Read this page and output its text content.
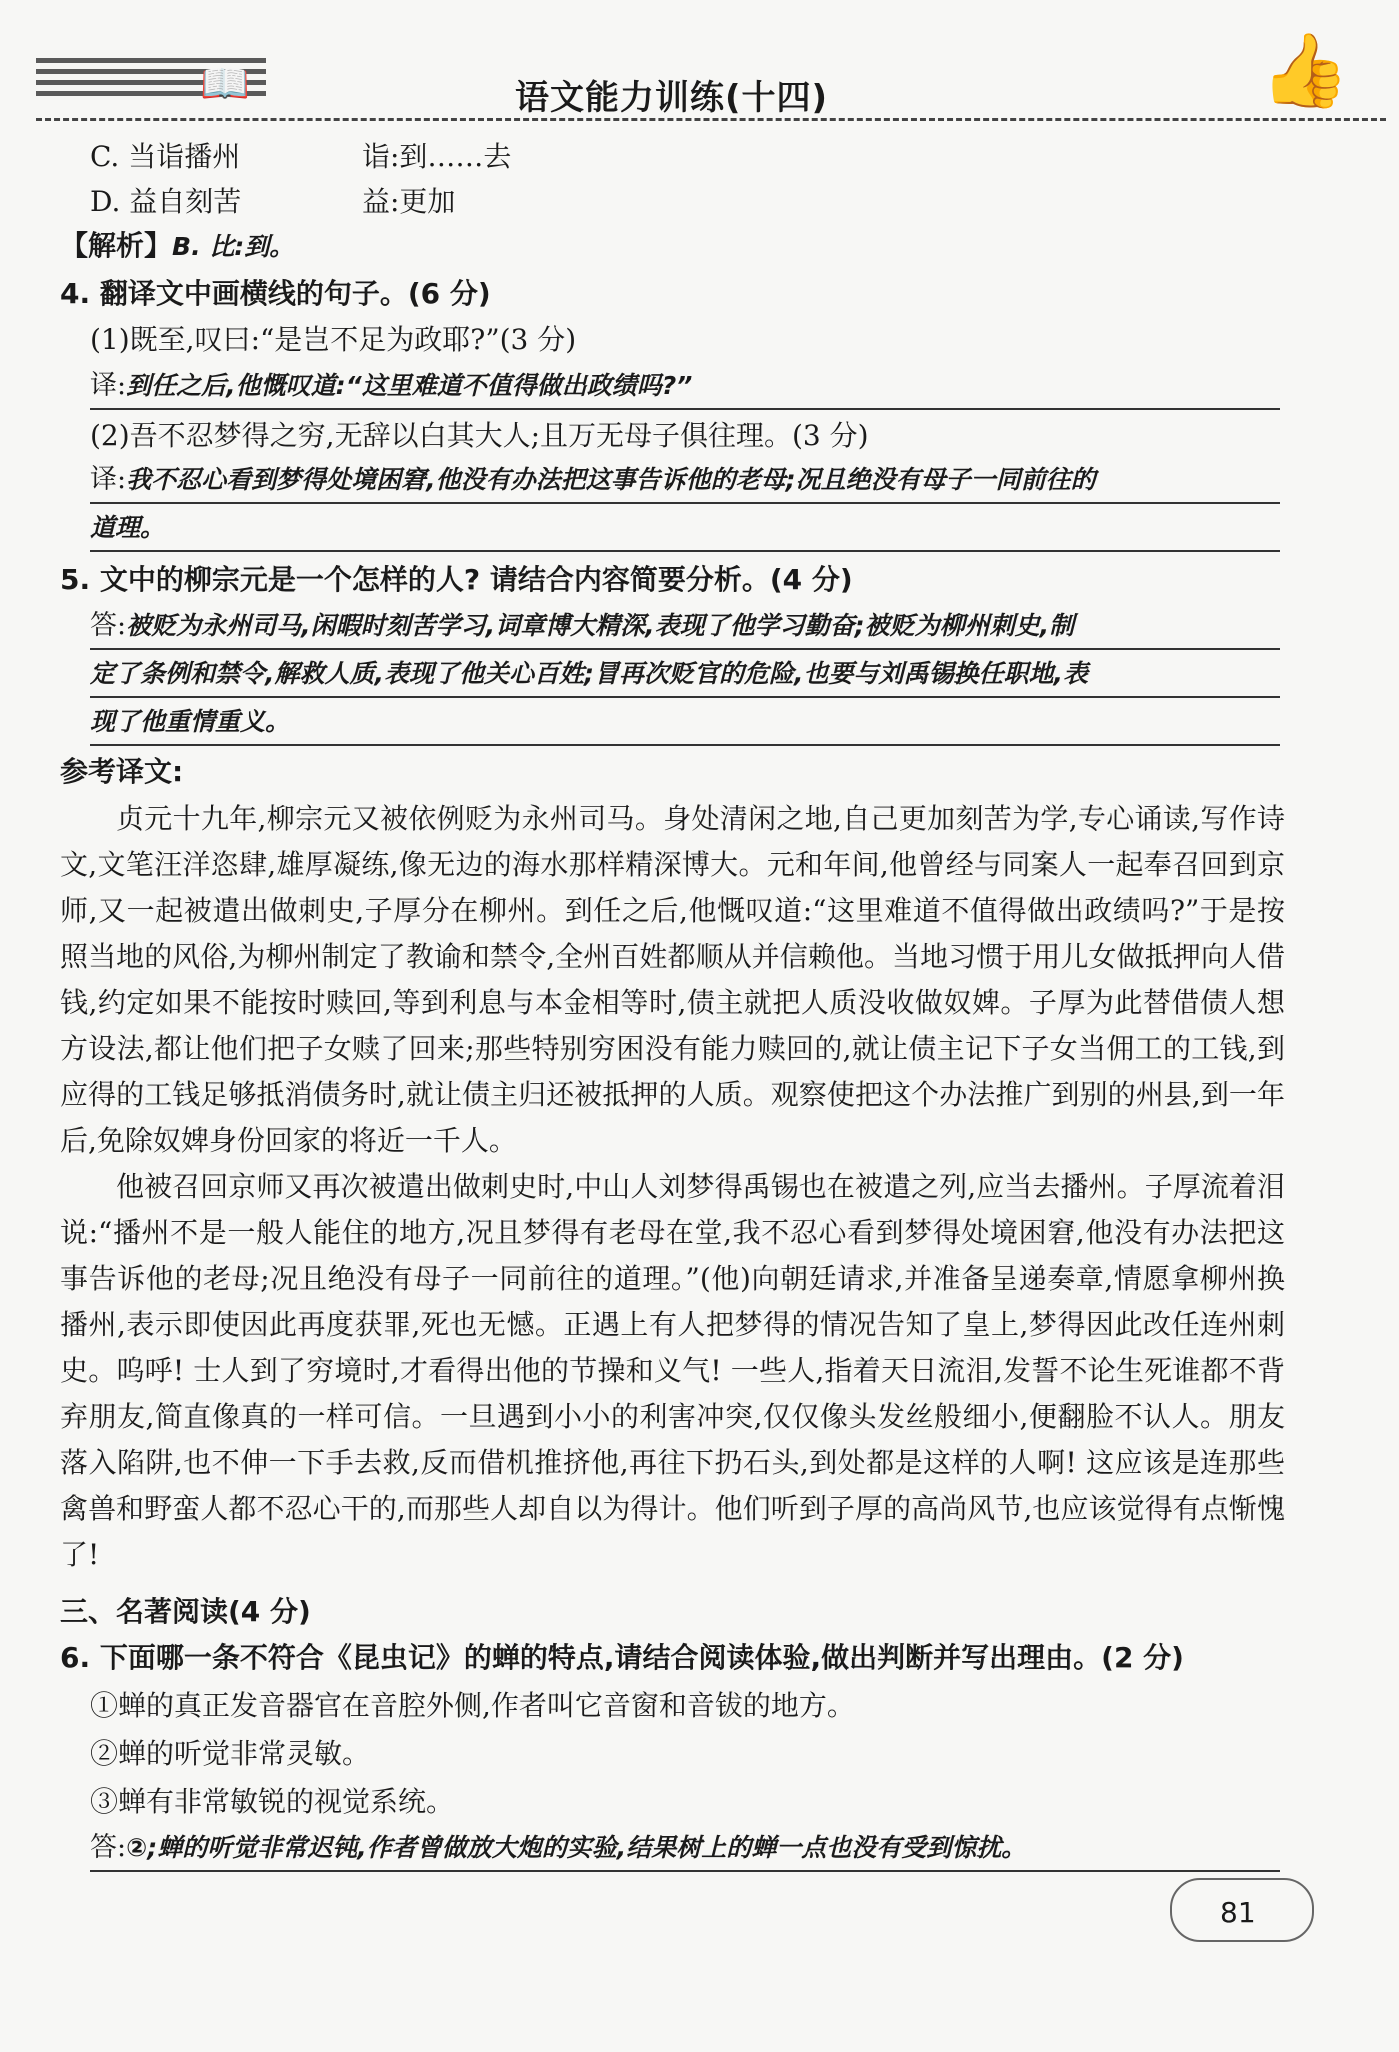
📖	语文能力训练(十四)	👍
C. 当诣播州	诣:到……去
D. 益自刻苦	益:更加
【解析】B. 比:到。
4. 翻译文中画横线的句子。(6 分)
(1)既至,叹曰:“是岂不足为政耶?”(3 分)
译:到任之后,他慨叹道:“这里难道不值得做出政绩吗?”
(2)吾不忍梦得之穷,无辞以白其大人;且万无母子俱往理。(3 分)
译:我不忍心看到梦得处境困窘,他没有办法把这事告诉他的老母;况且绝没有母子一同前往的
道理。
5. 文中的柳宗元是一个怎样的人? 请结合内容简要分析。(4 分)
答:被贬为永州司马,闲暇时刻苦学习,词章博大精深,表现了他学习勤奋;被贬为柳州刺史,制
定了条例和禁令,解救人质,表现了他关心百姓;冒再次贬官的危险,也要与刘禹锡换任职地,表
现了他重情重义。
参考译文:

贞元十九年,柳宗元又被依例贬为永州司马。身处清闲之地,自己更加刻苦为学,专心诵读,写作诗文,文笔汪洋恣肆,雄厚凝练,像无边的海水那样精深博大。元和年间,他曾经与同案人一起奉召回到京师,又一起被遣出做刺史,子厚分在柳州。到任之后,他慨叹道:“这里难道不值得做出政绩吗?”于是按照当地的风俗,为柳州制定了教谕和禁令,全州百姓都顺从并信赖他。当地习惯于用儿女做抵押向人借钱,约定如果不能按时赎回,等到利息与本金相等时,债主就把人质没收做奴婢。子厚为此替借债人想方设法,都让他们把子女赎了回来;那些特别穷困没有能力赎回的,就让债主记下子女当佣工的工钱,到应得的工钱足够抵消债务时,就让债主归还被抵押的人质。观察使把这个办法推广到别的州县,到一年后,免除奴婢身份回家的将近一千人。

他被召回京师又再次被遣出做刺史时,中山人刘梦得禹锡也在被遣之列,应当去播州。子厚流着泪说:“播州不是一般人能住的地方,况且梦得有老母在堂,我不忍心看到梦得处境困窘,他没有办法把这事告诉他的老母;况且绝没有母子一同前往的道理。”(他)向朝廷请求,并准备呈递奏章,情愿拿柳州换播州,表示即使因此再度获罪,死也无憾。正遇上有人把梦得的情况告知了皇上,梦得因此改任连州刺史。呜呼! 士人到了穷境时,才看得出他的节操和义气! 一些人,指着天日流泪,发誓不论生死谁都不背弃朋友,简直像真的一样可信。一旦遇到小小的利害冲突,仅仅像头发丝般细小,便翻脸不认人。朋友落入陷阱,也不伸一下手去救,反而借机推挤他,再往下扔石头,到处都是这样的人啊! 这应该是连那些禽兽和野蛮人都不忍心干的,而那些人却自以为得计。他们听到子厚的高尚风节,也应该觉得有点惭愧了!

三、名著阅读(4 分)
6. 下面哪一条不符合《昆虫记》的蝉的特点,请结合阅读体验,做出判断并写出理由。(2 分)
①蝉的真正发音器官在音腔外侧,作者叫它音窗和音钹的地方。
②蝉的听觉非常灵敏。
③蝉有非常敏锐的视觉系统。
答:②;蝉的听觉非常迟钝,作者曾做放大炮的实验,结果树上的蝉一点也没有受到惊扰。
81
